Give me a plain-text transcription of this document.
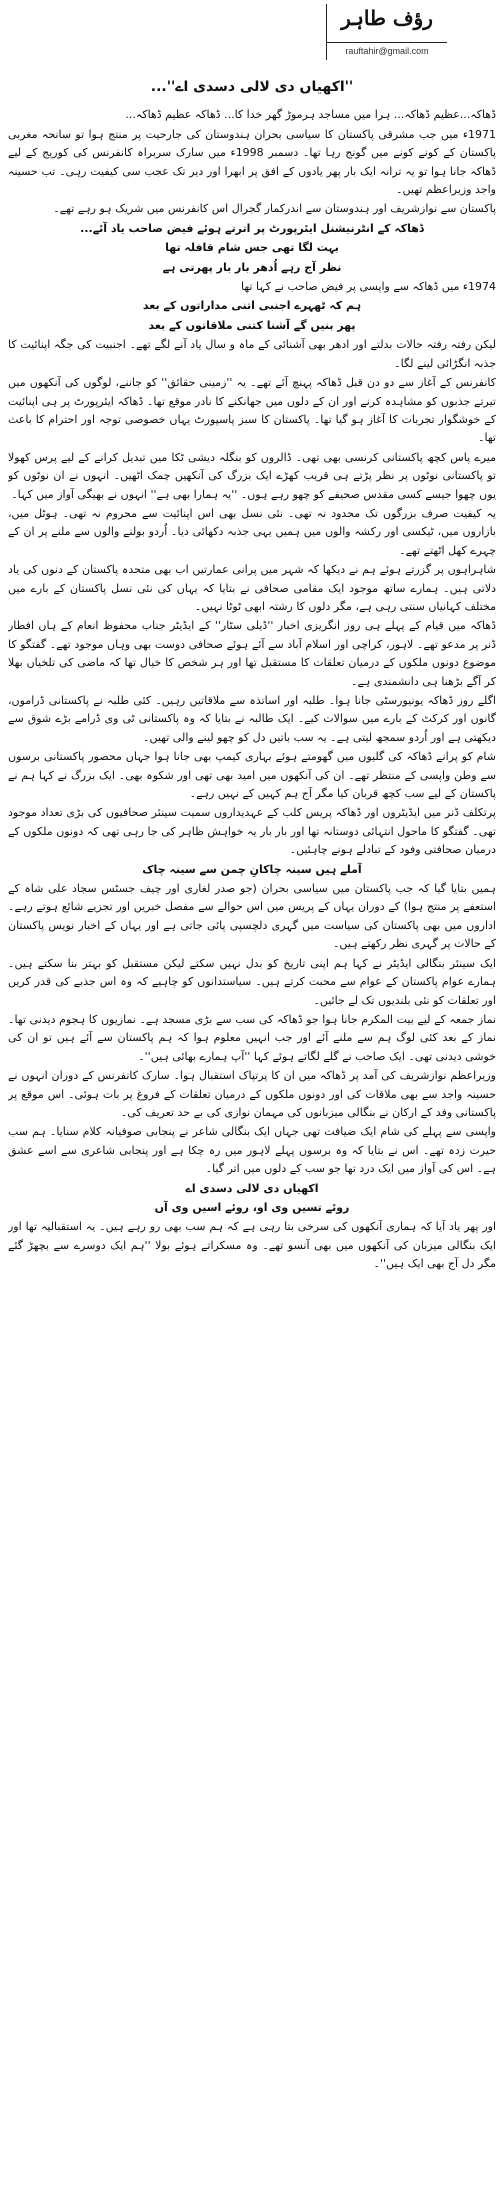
رؤف طاہر
rauftahir@gmail.com

''اکھیاں دی لالی دسدی اے''...

ڈھاکہ...عظیم ڈھاکہ... ہرا میں مساجد ہرموڑ گھر خدا کا... ڈھاکہ عظیم ڈھاکہ...

1971ء میں جب مشرقی پاکستان کا سیاسی بحران ہندوستان کی جارحیت پر منتج ہوا تو سانحہ مغربی پاکستان کے کونے کونے میں گونج رہا تھا۔ دسمبر 1998ء میں سارک سربراہ کانفرنس کی کوریج کے لیے ڈھاکہ جانا ہوا تو یہ ترانہ ایک بار پھر یادوں کے افق پر ابھرا اور دیر تک عجب سی کیفیت رہی۔ تب حسینہ واجد وزیراعظم تھیں۔

پاکستان سے نوازشریف اور ہندوستان سے اندرکمار گجرال اس کانفرنس میں شریک ہو رہے تھے۔

ڈھاکہ کے انٹرنیشنل ایئرپورٹ پر اترتے ہوئے فیض صاحب یاد آئے...

بہت لگا تھی جس شام قافلہ تھا

نظر آج رہے اُدھر بار بار پھرتی ہے

1974ء میں ڈھاکہ سے واپسی پر فیض صاحب نے کہا تھا

ہم کہ ٹھہرے اجنبی اتنی مداراتوں کے بعد

پھر بنیں گے آشنا کتنی ملاقاتوں کے بعد

لیکن رفتہ رفتہ حالات بدلتے اور ادھر بھی آشنائی کے ماہ و سال یاد آنے لگے تھے۔ اجنبیت کی جگہ اپنائیت کا جذبہ انگڑائی لینے لگا۔

کانفرنس کے آغاز سے دو دن قبل ڈھاکہ پہنچ آئے تھے۔ یہ ''زمینی حقائق'' کو جاننے، لوگوں کی آنکھوں میں تیرتے جذبوں کو مشاہدہ کرنے اور ان کے دلوں میں جھانکنے کا نادر موقع تھا۔ ڈھاکہ ایئرپورٹ پر ہی اپنائیت کے خوشگوار تجربات کا آغاز ہو گیا تھا۔ پاکستان کا سبز پاسپورٹ یہاں خصوصی توجہ اور احترام کا باعث تھا۔

میرے پاس کچھ پاکستانی کرنسی بھی تھی۔ ڈالروں کو بنگلہ دیشی ٹکا میں تبدیل کرانے کے لیے پرس کھولا تو پاکستانی نوٹوں پر نظر پڑتے ہی قریب کھڑے ایک بزرگ کی آنکھیں چمک اٹھیں۔ انہوں نے ان نوٹوں کو یوں چھوا جیسے کسی مقدس صحیفے کو چھو رہے ہوں۔ ''یہ ہمارا بھی ہے'' انہوں نے بھیگی آواز میں کہا۔

یہ کیفیت صرف بزرگوں تک محدود نہ تھی۔ نئی نسل بھی اس اپنائیت سے محروم نہ تھی۔ ہوٹل میں، بازاروں میں، ٹیکسی اور رکشہ والوں میں ہمیں یہی جذبہ دکھائی دیا۔ اُردو بولنے والوں سے ملنے پر ان کے چہرے کھل اٹھتے تھے۔

شاہراہوں پر گزرتے ہوئے ہم نے دیکھا کہ شہر میں پرانی عمارتیں اب بھی متحدہ پاکستان کے دنوں کی یاد دلاتی ہیں۔ ہمارے ساتھ موجود ایک مقامی صحافی نے بتایا کہ یہاں کی نئی نسل پاکستان کے بارے میں مختلف کہانیاں سنتی رہی ہے، مگر دلوں کا رشتہ ابھی ٹوٹا نہیں۔

ڈھاکہ میں قیام کے پہلے ہی روز انگریزی اخبار ''ڈیلی سٹار'' کے ایڈیٹر جناب محفوظ انعام کے ہاں افطار ڈنر پر مدعو تھے۔ لاہور، کراچی اور اسلام آباد سے آئے ہوئے صحافی دوست بھی وہاں موجود تھے۔ گفتگو کا موضوع دونوں ملکوں کے درمیان تعلقات کا مستقبل تھا اور ہر شخص کا خیال تھا کہ ماضی کی تلخیاں بھلا کر آگے بڑھنا ہی دانشمندی ہے۔

اگلے روز ڈھاکہ یونیورسٹی جانا ہوا۔ طلبہ اور اساتذہ سے ملاقاتیں رہیں۔ کئی طلبہ نے پاکستانی ڈراموں، گانوں اور کرکٹ کے بارے میں سوالات کیے۔ ایک طالبہ نے بتایا کہ وہ پاکستانی ٹی وی ڈرامے بڑے شوق سے دیکھتی ہے اور اُردو سمجھ لیتی ہے۔ یہ سب باتیں دل کو چھو لینے والی تھیں۔

شام کو پرانے ڈھاکہ کی گلیوں میں گھومتے ہوئے بہاری کیمپ بھی جانا ہوا جہاں محصور پاکستانی برسوں سے وطن واپسی کے منتظر تھے۔ ان کی آنکھوں میں امید بھی تھی اور شکوہ بھی۔ ایک بزرگ نے کہا ہم نے پاکستان کے لیے سب کچھ قربان کیا مگر آج ہم کہیں کے نہیں رہے۔

پرتکلف ڈنر میں ایڈیٹروں اور ڈھاکہ پریس کلب کے عہدیداروں سمیت سینئر صحافیوں کی بڑی تعداد موجود تھی۔ گفتگو کا ماحول انتہائی دوستانہ تھا اور بار بار یہ خواہش ظاہر کی جا رہی تھی کہ دونوں ملکوں کے درمیان صحافتی وفود کے تبادلے ہونے چاہئیں۔

آملے ہیں سینہ چاکانِ چمن سے سینہ چاک

ہمیں بتایا گیا کہ جب پاکستان میں سیاسی بحران (جو صدر لغاری اور چیف جسٹس سجاد علی شاہ کے استعفے پر منتج ہوا) کے دوران یہاں کے پریس میں اس حوالے سے مفصل خبریں اور تجزیے شائع ہوتے رہے۔ اداروں میں بھی پاکستان کی سیاست میں گہری دلچسپی پائی جاتی ہے اور یہاں کے اخبار نویس پاکستان کے حالات پر گہری نظر رکھتے ہیں۔

ایک سینئر بنگالی ایڈیٹر نے کہا ہم اپنی تاریخ کو بدل نہیں سکتے لیکن مستقبل کو بہتر بنا سکتے ہیں۔ ہمارے عوام پاکستان کے عوام سے محبت کرتے ہیں۔ سیاستدانوں کو چاہیے کہ وہ اس جذبے کی قدر کریں اور تعلقات کو نئی بلندیوں تک لے جائیں۔

نماز جمعہ کے لیے بیت المکرم جانا ہوا جو ڈھاکہ کی سب سے بڑی مسجد ہے۔ نمازیوں کا ہجوم دیدنی تھا۔ نماز کے بعد کئی لوگ ہم سے ملنے آئے اور جب انہیں معلوم ہوا کہ ہم پاکستان سے آئے ہیں تو ان کی خوشی دیدنی تھی۔ ایک صاحب نے گلے لگاتے ہوئے کہا ''آپ ہمارے بھائی ہیں''۔

وزیراعظم نوازشریف کی آمد پر ڈھاکہ میں ان کا پرتپاک استقبال ہوا۔ سارک کانفرنس کے دوران انہوں نے حسینہ واجد سے بھی ملاقات کی اور دونوں ملکوں کے درمیان تعلقات کے فروغ پر بات ہوئی۔ اس موقع پر پاکستانی وفد کے ارکان نے بنگالی میزبانوں کی مہمان نوازی کی بے حد تعریف کی۔

واپسی سے پہلے کی شام ایک ضیافت تھی جہاں ایک بنگالی شاعر نے پنجابی صوفیانہ کلام سنایا۔ ہم سب حیرت زدہ تھے۔ اس نے بتایا کہ وہ برسوں پہلے لاہور میں رہ چکا ہے اور پنجابی شاعری سے اسے عشق ہے۔ اس کی آواز میں ایک درد تھا جو سب کے دلوں میں اتر گیا۔

اکھیاں دی لالی دسدی اے

روئے تسیں وی او، روئے اسیں وی آں

اور پھر یاد آیا کہ ہماری آنکھوں کی سرخی بتا رہی ہے کہ ہم سب بھی رو رہے ہیں۔ یہ استقبالیہ تھا اور ایک بنگالی میزبان کی آنکھوں میں بھی آنسو تھے۔ وہ مسکراتے ہوئے بولا ''ہم ایک دوسرے سے بچھڑ گئے مگر دل آج بھی ایک ہیں''۔
